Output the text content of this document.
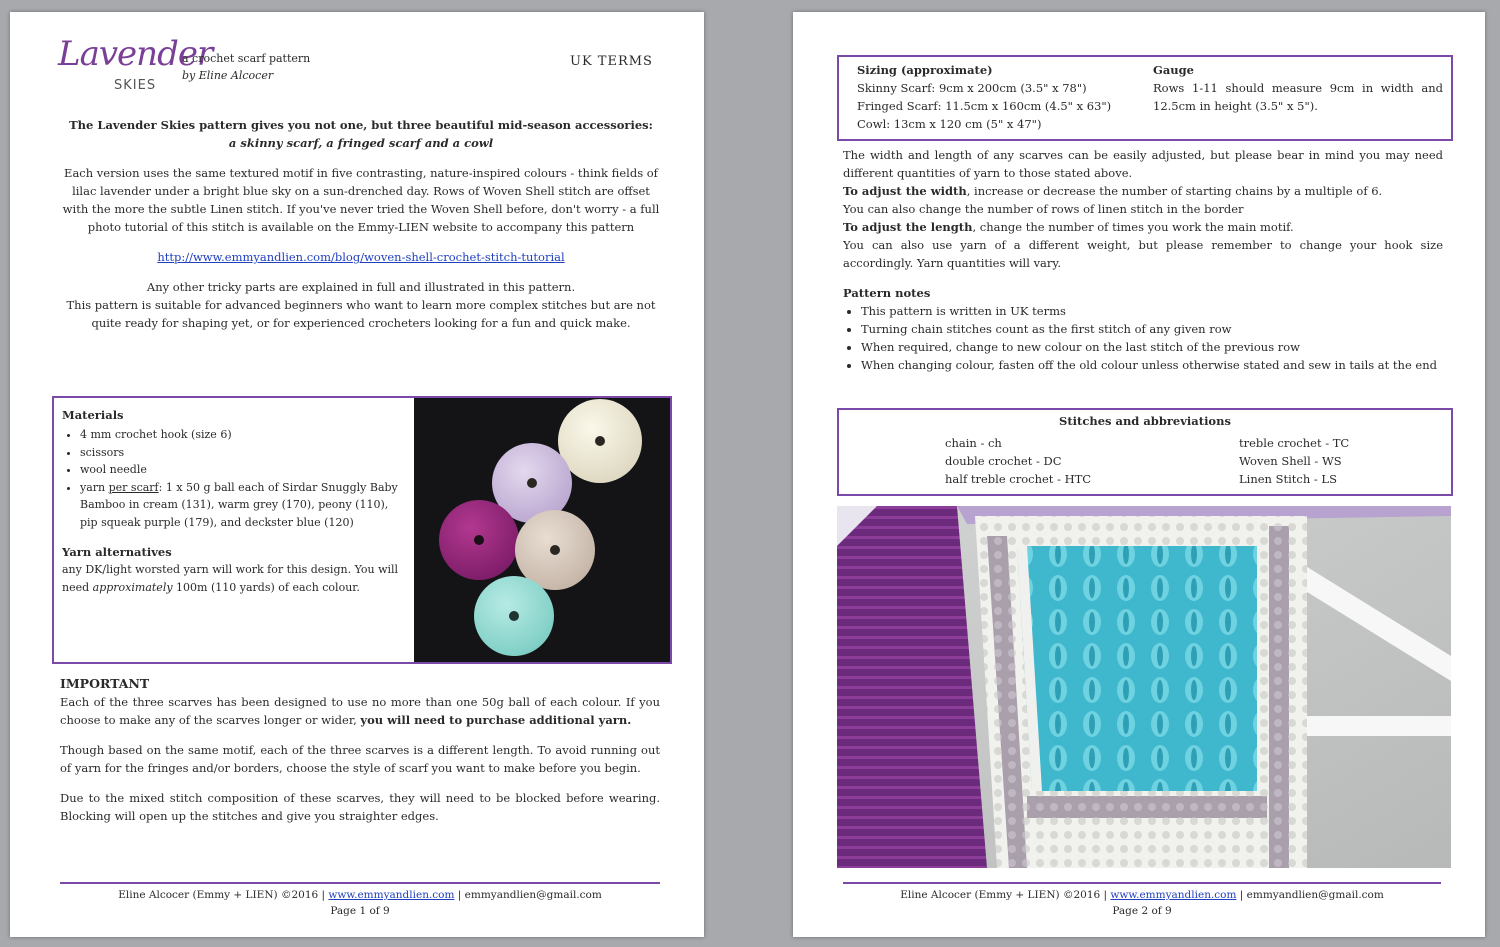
Lavender
SKIES
a crochet scarf pattern
by Eline Alcocer
UK TERMS

The Lavender Skies pattern gives you not one, but three beautiful mid-season accessories:

a skinny scarf, a fringed scarf and a cowl

Each version uses the same textured motif in five contrasting, nature-inspired colours - think fields of lilac lavender under a bright blue sky on a sun-drenched day. Rows of Woven Shell stitch are offset with the more the subtle Linen stitch. If you've never tried the Woven Shell before, don't worry - a full photo tutorial of this stitch is available on the Emmy-LIEN website to accompany this pattern

http://www.emmyandlien.com/blog/woven-shell-crochet-stitch-tutorial

Any other tricky parts are explained in full and illustrated in this pattern.

This pattern is suitable for advanced beginners who want to learn more complex stitches but are not quite ready for shaping yet, or for experienced crocheters looking for a fun and quick make.

Materials
• 4 mm crochet hook (size 6)
• scissors
• wool needle
• yarn per scarf: 1 x 50 g ball each of Sirdar Snuggly Baby Bamboo in cream (131), warm grey (170), peony (110), pip squeak purple (179), and deckster blue (120)
Yarn alternatives
any DK/light worsted yarn will work for this design. You will need approximately 100m (110 yards) of each colour.
IMPORTANT

Each of the three scarves has been designed to use no more than one 50g ball of each colour. If you choose to make any of the scarves longer or wider, you will need to purchase additional yarn.

Though based on the same motif, each of the three scarves is a different length. To avoid running out of yarn for the fringes and/or borders, choose the style of scarf you want to make before you begin.

Due to the mixed stitch composition of these scarves, they will need to be blocked before wearing. Blocking will open up the stitches and give you straighter edges.

Eline Alcocer (Emmy + LIEN) ©2016 | www.emmyandlien.com | emmyandlien@gmail.com
Page 1 of 9
Sizing (approximate)
Skinny Scarf: 9cm x 200cm (3.5" x 78")
Fringed Scarf: 11.5cm x 160cm (4.5" x 63")
Cowl: 13cm x 120 cm (5" x 47")
Gauge
Rows 1-11 should measure 9cm in width and 12.5cm in height (3.5" x 5").

The width and length of any scarves can be easily adjusted, but please bear in mind you may need different quantities of yarn to those stated above.

To adjust the width, increase or decrease the number of starting chains by a multiple of 6.

You can also change the number of rows of linen stitch in the border

To adjust the length, change the number of times you work the main motif.

You can also use yarn of a different weight, but please remember to change your hook size accordingly. Yarn quantities will vary.

Pattern notes
• This pattern is written in UK terms
• Turning chain stitches count as the first stitch of any given row
• When required, change to new colour on the last stitch of the previous row
• When changing colour, fasten off the old colour unless otherwise stated and sew in tails at the end
Stitches and abbreviations
chain - ch
double crochet - DC
half treble crochet - HTC
treble crochet - TC
Woven Shell - WS
Linen Stitch - LS
Eline Alcocer (Emmy + LIEN) ©2016 | www.emmyandlien.com | emmyandlien@gmail.com
Page 2 of 9
